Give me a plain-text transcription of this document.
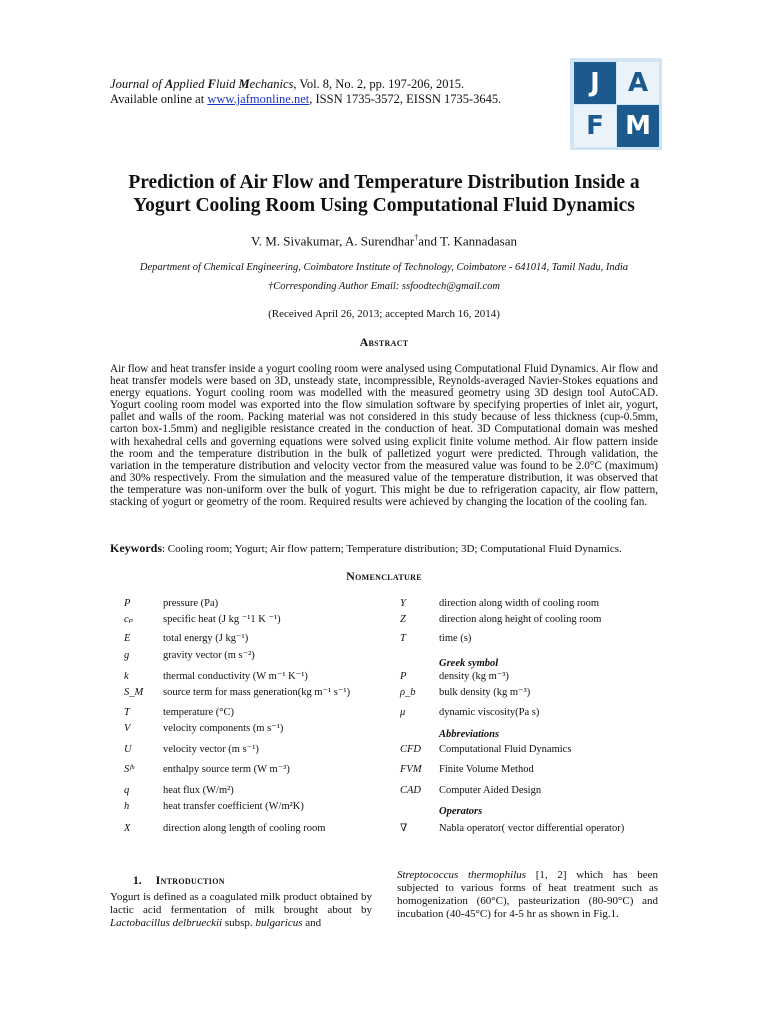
Journal of Applied Fluid Mechanics, Vol. 8, No. 2, pp. 197-206, 2015.
Available online at www.jafmonline.net, ISSN 1735-3572, EISSN 1735-3645.
J A
F M
Prediction of Air Flow and Temperature Distribution Inside a
Yogurt Cooling Room Using Computational Fluid Dynamics
V. M. Sivakumar, A. Surendhar†and T. Kannadasan
Department of Chemical Engineering, Coimbatore Institute of Technology, Coimbatore - 641014, Tamil Nadu, India
†Corresponding Author Email: ssfoodtech@gmail.com
(Received April 26, 2013; accepted March 16, 2014)
Abstract
Air flow and heat transfer inside a yogurt cooling room were analysed using Computational Fluid Dynamics. Air flow and heat transfer models were based on 3D, unsteady state, incompressible, Reynolds-averaged Navier-Stokes equations and energy equations. Yogurt cooling room was modelled with the measured geometry using 3D design tool AutoCAD. Yogurt cooling room model was exported into the flow simulation software by specifying properties of inlet air, yogurt, pallet and walls of the room. Packing material was not considered in this study because of less thickness (cup-0.5mm, carton box-1.5mm) and negligible resistance created in the conduction of heat. 3D Computational domain was meshed with hexahedral cells and governing equations were solved using explicit finite volume method. Air flow pattern inside the room and the temperature distribution in the bulk of palletized yogurt were predicted. Through validation, the variation in the temperature distribution and velocity vector from the measured value was found to be 2.0°C (maximum) and 30% respectively. From the simulation and the measured value of the temperature distribution, it was observed that the temperature was non-uniform over the bulk of yogurt. This might be due to refrigeration capacity, air flow pattern, stacking of yogurt or geometry of the room. Required results were achieved by changing the location of the cooling fan.
Keywords: Cooling room; Yogurt; Air flow pattern; Temperature distribution; 3D; Computational Fluid Dynamics.
Nomenclature
P	pressure (Pa)
cₚ	specific heat (J kg ⁻¹1 K ⁻¹)
E	total energy (J kg⁻¹)
g⃗ gravity vector (m s⁻²)
k	thermal conductivity (W m⁻¹ K⁻¹)
S_M source term for mass generation(kg m⁻¹ s⁻¹)
T	temperature (°C)
V	velocity components (m s⁻¹)
U	velocity vector (m s⁻¹)
Sᶠʰ	enthalpy source term (W m⁻³)
q	heat flux (W/m²)
h	heat transfer coefficient (W/m²K)
X	direction along length of cooling room
Y	direction along width of cooling room
Z	direction along height of cooling room
T	time (s)
Greek symbol
Ρ	density (kg m⁻³)
ρ_b bulk density (kg m⁻³)
μ	dynamic viscosity(Pa s)
Abbreviations
CFD Computational Fluid Dynamics
FVM Finite Volume Method
CAD Computer Aided Design
Operators
∇	Nabla operator( vector differential operator)
1. Introduction
Yogurt is defined as a coagulated milk product obtained by lactic acid fermentation of milk brought about by Lactobacillus delbrueckii subsp. bulgaricus and
Streptococcus thermophilus [1, 2] which has been subjected to various forms of heat treatment such as homogenization (60°C), pasteurization (80-90°C) and incubation (40-45°C) for 4-5 hr as shown in Fig.1.
